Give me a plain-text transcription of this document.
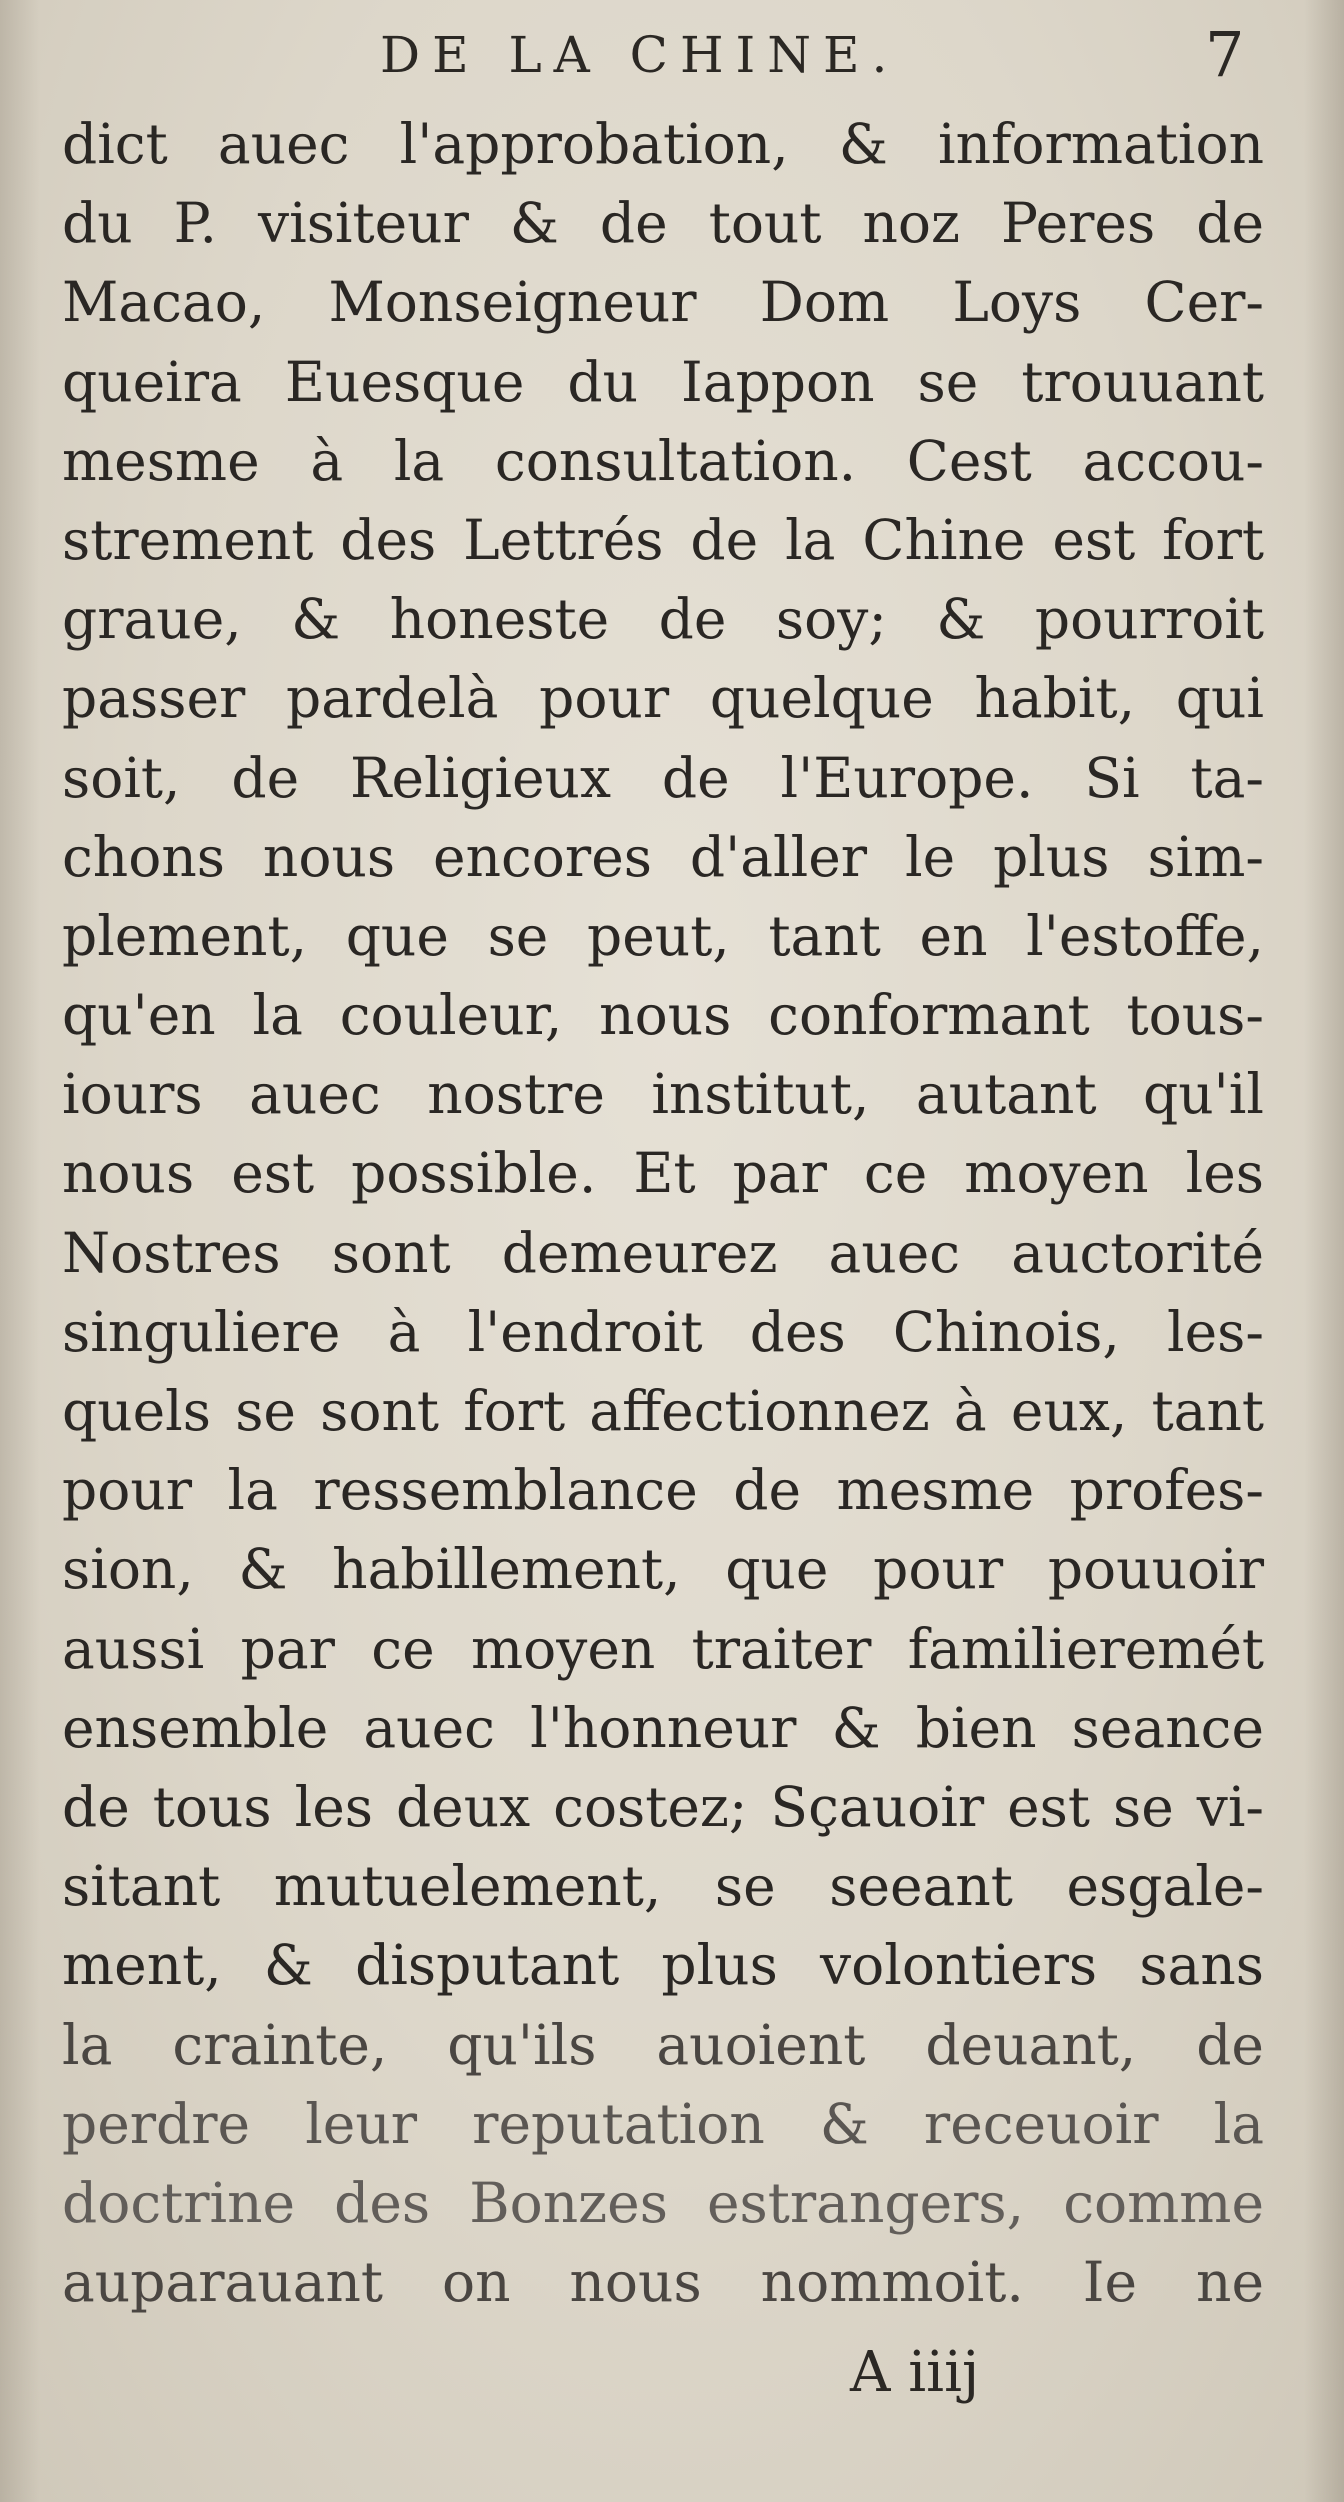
DE LA CHINE.	7
dict auec l'approbation, & information
du P. visiteur & de tout noz Peres de
Macao, Monseigneur Dom Loys Cer-
queira Euesque du Iappon se trouuant
mesme à la consultation. Cest accou-
strement des Lettrés de la Chine est fort
graue, & honeste de soy; & pourroit
passer pardelà pour quelque habit, qui
soit, de Religieux de l'Europe. Si ta-
chons nous encores d'aller le plus sim-
plement, que se peut, tant en l'estoffe,
qu'en la couleur, nous conformant tous-
iours auec nostre institut, autant qu'il
nous est possible. Et par ce moyen les
Nostres sont demeurez auec auctorité
singuliere à l'endroit des Chinois, les-
quels se sont fort affectionnez à eux, tant
pour la ressemblance de mesme profes-
sion, & habillement, que pour pouuoir
aussi par ce moyen traiter familieremét
ensemble auec l'honneur & bien seance
de tous les deux costez; Sçauoir est se vi-
sitant mutuelement, se seeant esgale-
ment, & disputant plus volontiers sans
la crainte, qu'ils auoient deuant, de
perdre leur reputation & receuoir la
doctrine des Bonzes estrangers, comme
auparauant on nous nommoit. Ie ne
A iiij
